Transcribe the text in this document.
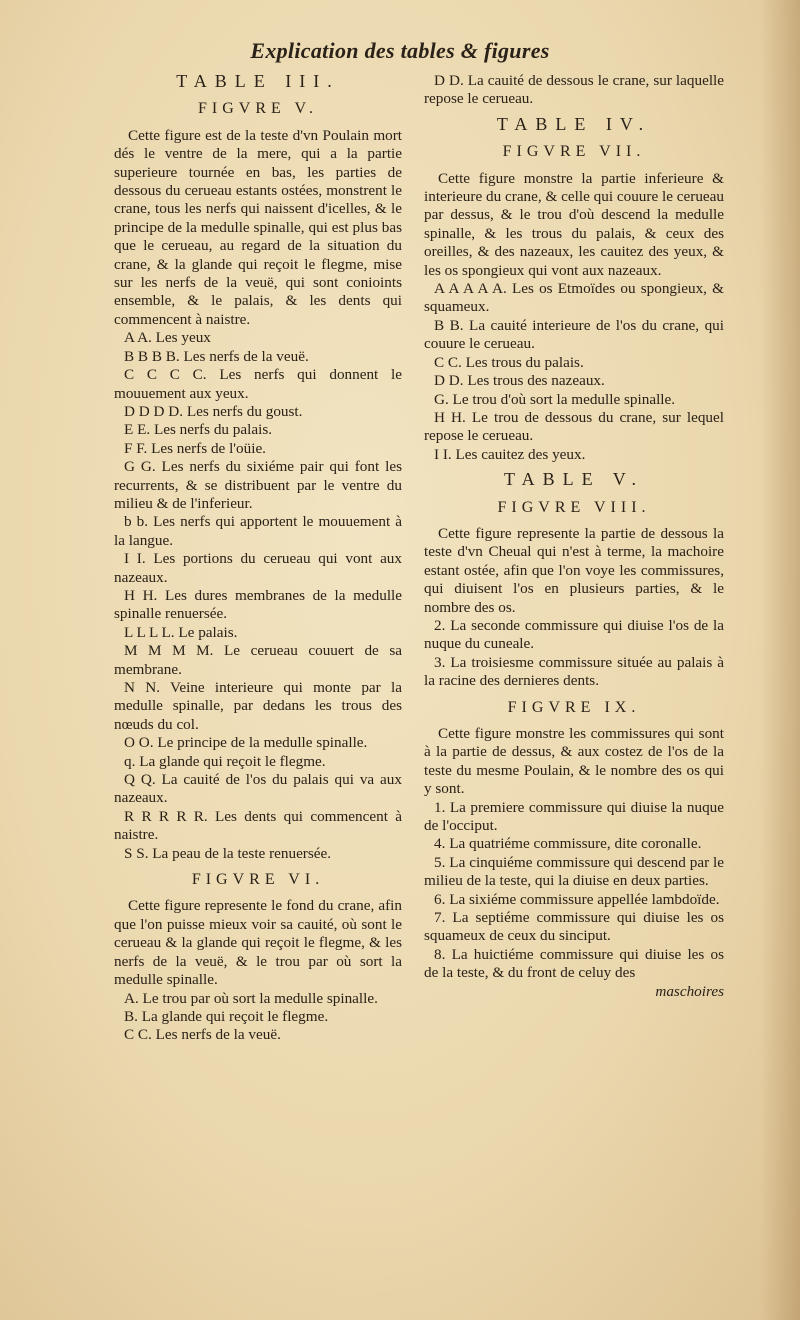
Explication des tables & figures
TABLE III.
FIGVRE V.
Cette figure est de la teste d'vn Poulain mort dés le ventre de la mere, qui a la partie superieure tournée en bas, les parties de dessous du cerueau estants ostées, monstrent le crane, tous les nerfs qui naissent d'icelles, & le principe de la medulle spinalle, qui est plus bas que le cerueau, au regard de la situation du crane, & la glande qui reçoit le flegme, mise sur les nerfs de la veuë, qui sont conioints ensemble, & le palais, & les dents qui commencent à naistre.
A A. Les yeux
B B B B. Les nerfs de la veuë.
C C C C. Les nerfs qui donnent le mouuement aux yeux.
D D D D. Les nerfs du goust.
E E. Les nerfs du palais.
F F. Les nerfs de l'oüie.
G G. Les nerfs du sixiéme pair qui font les recurrents, & se distribuent par le ventre du milieu & de l'inferieur.
b b. Les nerfs qui apportent le mouuement à la langue.
I I. Les portions du cerueau qui vont aux nazeaux.
H H. Les dures membranes de la medulle spinalle renuersée.
L L L L. Le palais.
M M M M. Le cerueau couuert de sa membrane.
N N. Veine interieure qui monte par la medulle spinalle, par dedans les trous des nœuds du col.
O O. Le principe de la medulle spinalle.
q. La glande qui reçoit le flegme.
Q Q. La cauité de l'os du palais qui va aux nazeaux.
R R R R R. Les dents qui commencent à naistre.
S S. La peau de la teste renuersée.
FIGVRE VI.
Cette figure represente le fond du crane, afin que l'on puisse mieux voir sa cauité, où sont le cerueau & la glande qui reçoit le flegme, & les nerfs de la veuë, & le trou par où sort la medulle spinalle.
A. Le trou par où sort la medulle spinalle.
B. La glande qui reçoit le flegme.
C C. Les nerfs de la veuë.
D D. La cauité de dessous le crane, sur laquelle repose le cerueau.
TABLE IV.
FIGVRE VII.
Cette figure monstre la partie inferieure & interieure du crane, & celle qui couure le cerueau par dessus, & le trou d'où descend la medulle spinalle, & les trous du palais, & ceux des oreilles, & des nazeaux, les cauitez des yeux, & les os spongieux qui vont aux nazeaux.
A A A A A. Les os Etmoïdes ou spongieux, & squameux.
B B. La cauité interieure de l'os du crane, qui couure le cerueau.
C C. Les trous du palais.
D D. Les trous des nazeaux.
G. Le trou d'où sort la medulle spinalle.
H H. Le trou de dessous du crane, sur lequel repose le cerueau.
I I. Les cauitez des yeux.
TABLE V.
FIGVRE VIII.
Cette figure represente la partie de dessous la teste d'vn Cheual qui n'est à terme, la machoire estant ostée, afin que l'on voye les commissures, qui diuisent l'os en plusieurs parties, & le nombre des os.
2. La seconde commissure qui diuise l'os de la nuque du cuneale.
3. La troisiesme commissure située au palais à la racine des dernieres dents.
FIGVRE IX.
Cette figure monstre les commissures qui sont à la partie de dessus, & aux costez de l'os de la teste du mesme Poulain, & le nombre des os qui y sont.
1. La premiere commissure qui diuise la nuque de l'occiput.
4. La quatriéme commissure, dite coronalle.
5. La cinquiéme commissure qui descend par le milieu de la teste, qui la diuise en deux parties.
6. La sixiéme commissure appellée lambdoïde.
7. La septiéme commissure qui diuise les os squameux de ceux du sinciput.
8. La huictiéme commissure qui diuise les os de la teste, & du front de celuy des
maschoires
